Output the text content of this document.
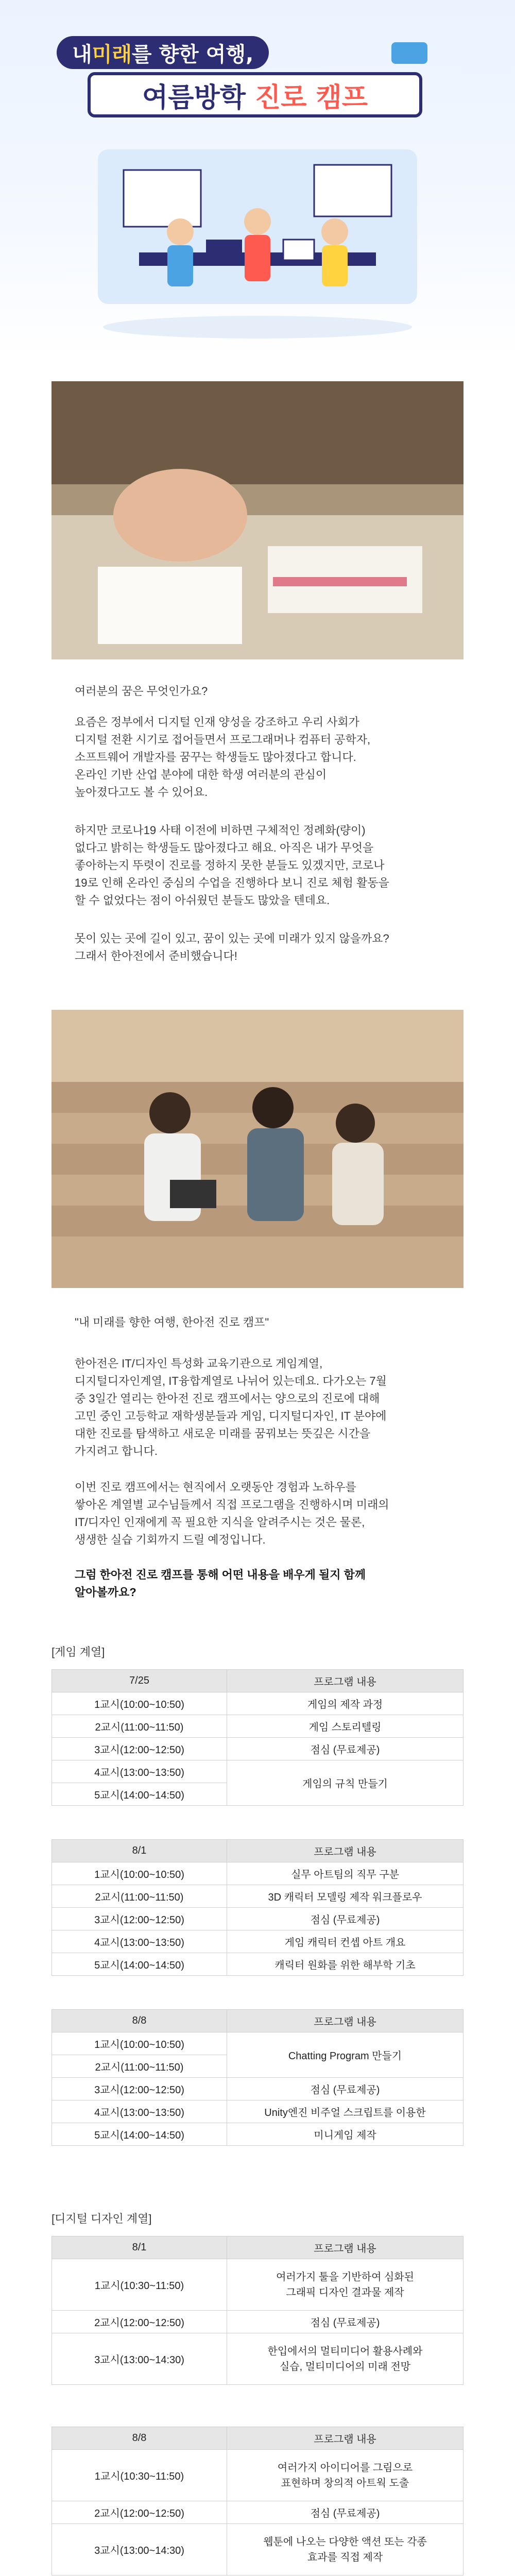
내 미래 를 향한 여행,
여름방학 진로 캠프
여러분의 꿈은 무엇인가요?
요즘은 정부에서 디지털 인재 양성을 강조하고 우리 사회가
디지털 전환 시기로 접어들면서 프로그래머나 컴퓨터 공학자,
소프트웨어 개발자를 꿈꾸는 학생들도 많아졌다고 합니다.
온라인 기반 산업 분야에 대한 학생 여러분의 관심이
높아졌다고도 볼 수 있어요.
하지만 코로나19 사태 이전에 비하면 구체적인 정례화(량이)
없다고 밝히는 학생들도 많아졌다고 해요. 아직은 내가 무엇을
좋아하는지 뚜렷이 진로를 정하지 못한 분들도 있겠지만, 코로나
19로 인해 온라인 중심의 수업을 진행하다 보니 진로 체험 활동을
할 수 없었다는 점이 아쉬웠던 분들도 많았을 텐데요.
못이 있는 곳에 길이 있고, 꿈이 있는 곳에 미래가 있지 않을까요?
그래서 한아전에서 준비했습니다!
"내 미래를 향한 여행, 한아전 진로 캠프"
한아전은 IT/디자인 특성화 교육기관으로 게임계열,
디지털디자인계열, IT융합계열로 나뉘어 있는데요. 다가오는 7월
중 3일간 열리는 한아전 진로 캠프에서는 양으로의 진로에 대해
고민 중인 고등학교 재학생분들과 게임, 디지털디자인, IT 분야에
대한 진로를 탐색하고 새로운 미래를 꿈꿔보는 뜻깊은 시간을
가지려고 합니다.
이번 진로 캠프에서는 현직에서 오랫동안 경험과 노하우를
쌓아온 계열별 교수님들께서 직접 프로그램을 진행하시며 미래의
IT/디자인 인재에게 꼭 필요한 지식을 알려주시는 것은 물론,
생생한 실습 기회까지 드릴 예정입니다.
그럼 한아전 진로 캠프를 통해 어떤 내용을 배우게 될지 함께
알아볼까요?
[게임 계열]
7/25	프로그램 내용
1교시(10:00~10:50)	게임의 제작 과정
2교시(11:00~11:50)	게임 스토리텔링
3교시(12:00~12:50)	점심 (무료제공)
4교시(13:00~13:50)	게임의 규칙 만들기
5교시(14:00~14:50)	
8/1	프로그램 내용
1교시(10:00~10:50)	실무 아트팀의 직무 구분
2교시(11:00~11:50)	3D 캐릭터 모델링 제작 워크플로우
3교시(12:00~12:50)	점심 (무료제공)
4교시(13:00~13:50)	게임 캐릭터 컨셉 아트 개요
5교시(14:00~14:50)	캐릭터 원화를 위한 해부학 기초
8/8	프로그램 내용
1교시(10:00~10:50)	Chatting Program 만들기
2교시(11:00~11:50)	
3교시(12:00~12:50)	점심 (무료제공)
4교시(13:00~13:50)	Unity엔진 비주얼 스크립트를 이용한
5교시(14:00~14:50)	미니게임 제작
[디지털 디자인 계열]
8/1	프로그램 내용
1교시(10:30~11:50)	여러가지 툴을 기반하여 심화된
그래픽 디자인 결과물 제작
2교시(12:00~12:50)	점심 (무료제공)
3교시(13:00~14:30)	한입에서의 멀티미디어 활용사례와
실습, 멀티미디어의 미래 전망
8/8	프로그램 내용
1교시(10:30~11:50)	여러가지 아이디어를 그림으로
표현하며 창의적 아트웍 도출
2교시(12:00~12:50)	점심 (무료제공)
3교시(13:00~14:30)	웹툰에 나오는 다양한 액션 또는 각종
효과를 직접 제작
